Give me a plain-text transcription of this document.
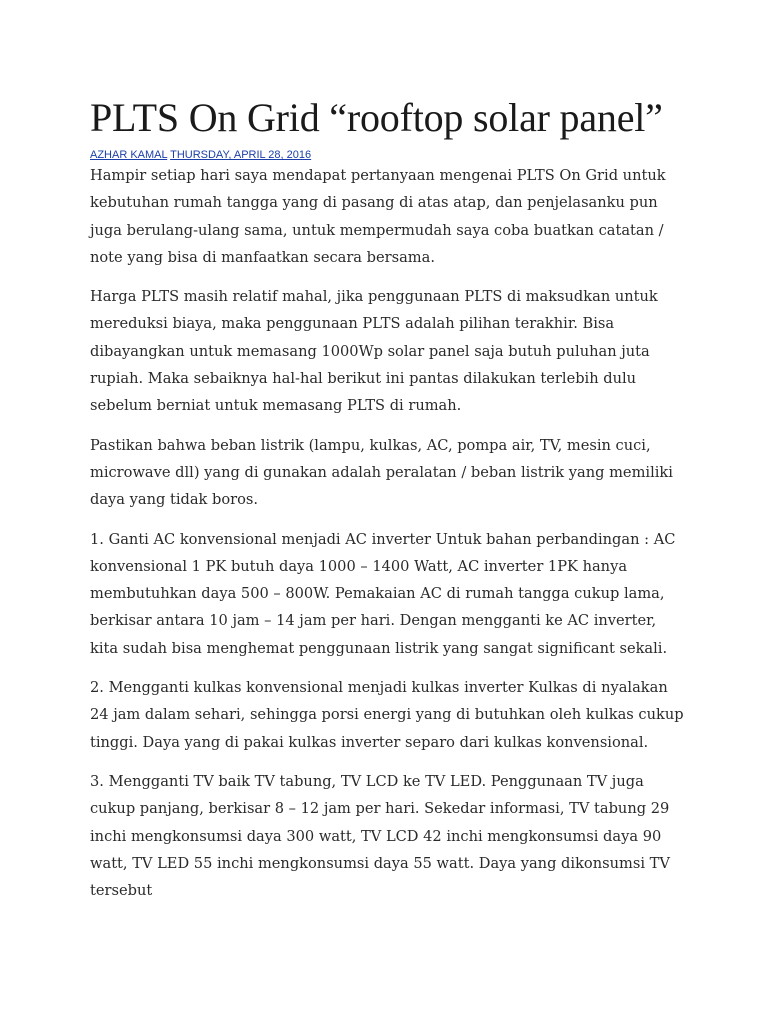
PLTS On Grid “rooftop solar panel”
AZHAR KAMAL THURSDAY, APRIL 28, 2016

Hampir setiap hari saya mendapat pertanyaan mengenai PLTS On Grid untuk kebutuhan rumah tangga yang di pasang di atas atap, dan penjelasanku pun juga berulang-ulang sama, untuk mempermudah saya coba buatkan catatan / note yang bisa di manfaatkan secara bersama.

Harga PLTS masih relatif mahal, jika penggunaan PLTS di maksudkan untuk mereduksi biaya, maka penggunaan PLTS adalah pilihan terakhir. Bisa dibayangkan untuk memasang 1000Wp solar panel saja butuh puluhan juta rupiah. Maka sebaiknya hal-hal berikut ini pantas dilakukan terlebih dulu sebelum berniat untuk memasang PLTS di rumah.

Pastikan bahwa beban listrik (lampu, kulkas, AC, pompa air, TV, mesin cuci, microwave dll) yang di gunakan adalah peralatan / beban listrik yang memiliki daya yang tidak boros.

1. Ganti AC konvensional menjadi AC inverter Untuk bahan perbandingan : AC konvensional 1 PK butuh daya 1000 – 1400 Watt, AC inverter 1PK hanya membutuhkan daya 500 – 800W. Pemakaian AC di rumah tangga cukup lama, berkisar antara 10 jam – 14 jam per hari. Dengan mengganti ke AC inverter, kita sudah bisa menghemat penggunaan listrik yang sangat significant sekali.

2. Mengganti kulkas konvensional menjadi kulkas inverter Kulkas di nyalakan 24 jam dalam sehari, sehingga porsi energi yang di butuhkan oleh kulkas cukup tinggi. Daya yang di pakai kulkas inverter separo dari kulkas konvensional.

3. Mengganti TV baik TV tabung, TV LCD ke TV LED. Penggunaan TV juga cukup panjang, berkisar 8 – 12 jam per hari. Sekedar informasi, TV tabung 29 inchi mengkonsumsi daya 300 watt, TV LCD 42 inchi mengkonsumsi daya 90 watt, TV LED 55 inchi mengkonsumsi daya 55 watt. Daya yang dikonsumsi TV tersebut
